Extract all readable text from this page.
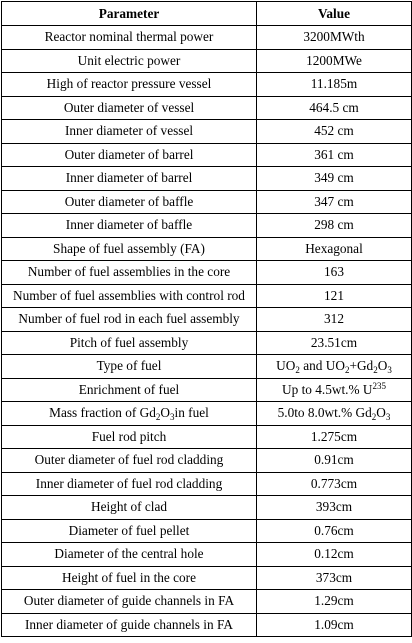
Parameter	Value
Reactor nominal thermal power	3200MWth
Unit electric power	1200MWe
High of reactor pressure vessel	11.185m
Outer diameter of vessel	464.5 cm
Inner diameter of vessel	452 cm
Outer diameter of barrel	361 cm
Inner diameter of barrel	349 cm
Outer diameter of baffle	347 cm
Inner diameter of baffle	298 cm
Shape of fuel assembly (FA)	Hexagonal
Number of fuel assemblies in the core	163
Number of fuel assemblies with control rod	121
Number of fuel rod in each fuel assembly	312
Pitch of fuel assembly	23.51cm
Type of fuel	$UO_2$ and $UO_2+Gd_2O_3$
Enrichment of fuel	Up to 4.5wt.% $U^{235}$
Mass fraction of $Gd_2O_3in$ fuel	5.0to 8.0wt.% $Gd_2O_3$
Fuel rod pitch	1.275cm
Outer diameter of fuel rod cladding	0.91cm
Inner diameter of fuel rod cladding	0.773cm
Height of clad	393cm
Diameter of fuel pellet	0.76cm
Diameter of the central hole	0.12cm
Height of fuel in the core	373cm
Outer diameter of guide channels in FA	1.29cm
Inner diameter of guide channels in FA	1.09cm
